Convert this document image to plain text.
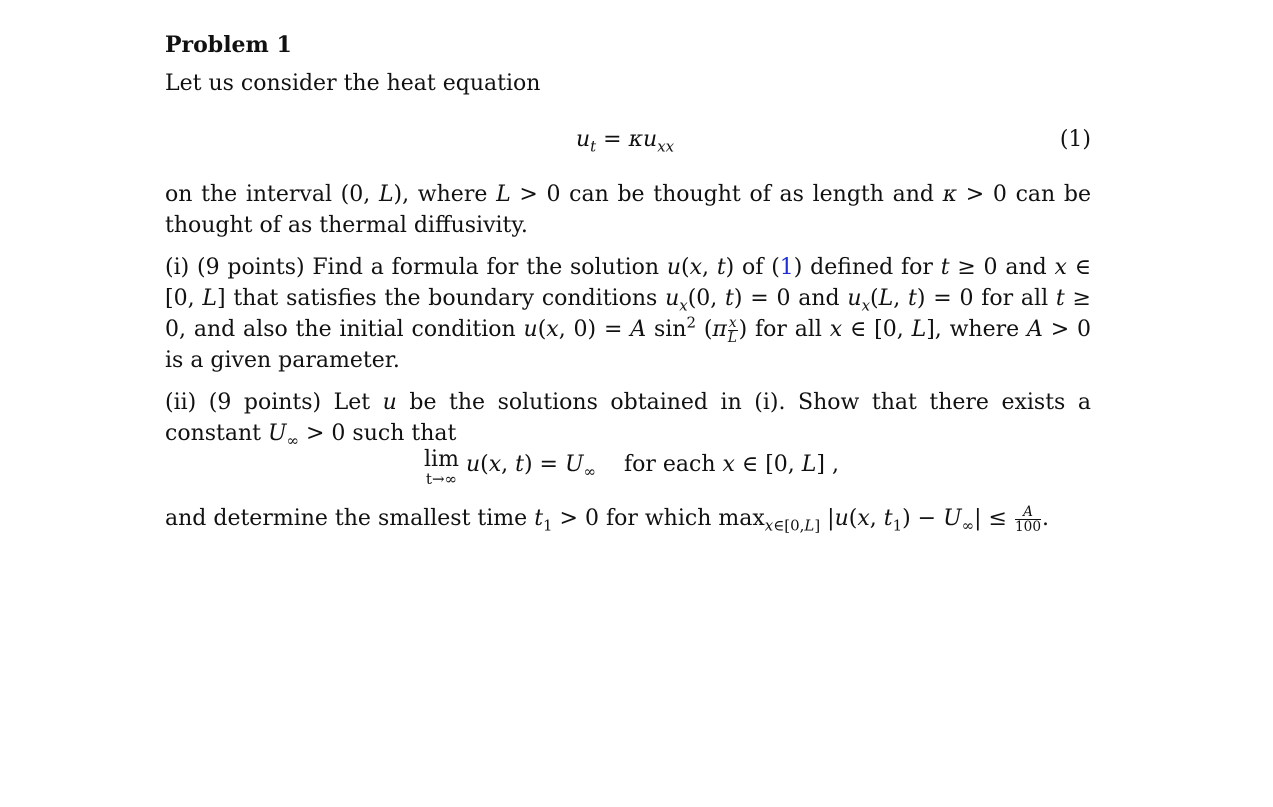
Problem 1
Let us consider the heat equation
$u_t = \kappa u_{xx}$	(1)
on the interval (0, L), where L > 0 can be thought of as length and κ > 0 can be thought of as thermal diffusivity.
(i) (9 points) Find a formula for the solution u(x, t) of (1) defined for t ≥ 0 and x ∈ [0, L] that satisfies the boundary conditions $u_x(0$, t) = 0 and $u_x(L$, t) = 0 for all t ≥ 0, and also the initial condition u(x, 0) = A $\sin^2 (\pi \frac{x}{L}$ ) for all x ∈ [0, L], where A > 0 is a given parameter.
(ii) (9 points) Let u be the solutions obtained in (i). Show that there exists a constant $U_\infty > 0$ such that
lim
t→∞
u(x, $t) = U_\infty$    for each x ∈ [0, L] ,
and determine the smallest time $t_1 > 0$ for which $\max_{x\in[0,L]} |u(x$, $t_1) - U_\infty| \le \frac{A}{100}$ .
